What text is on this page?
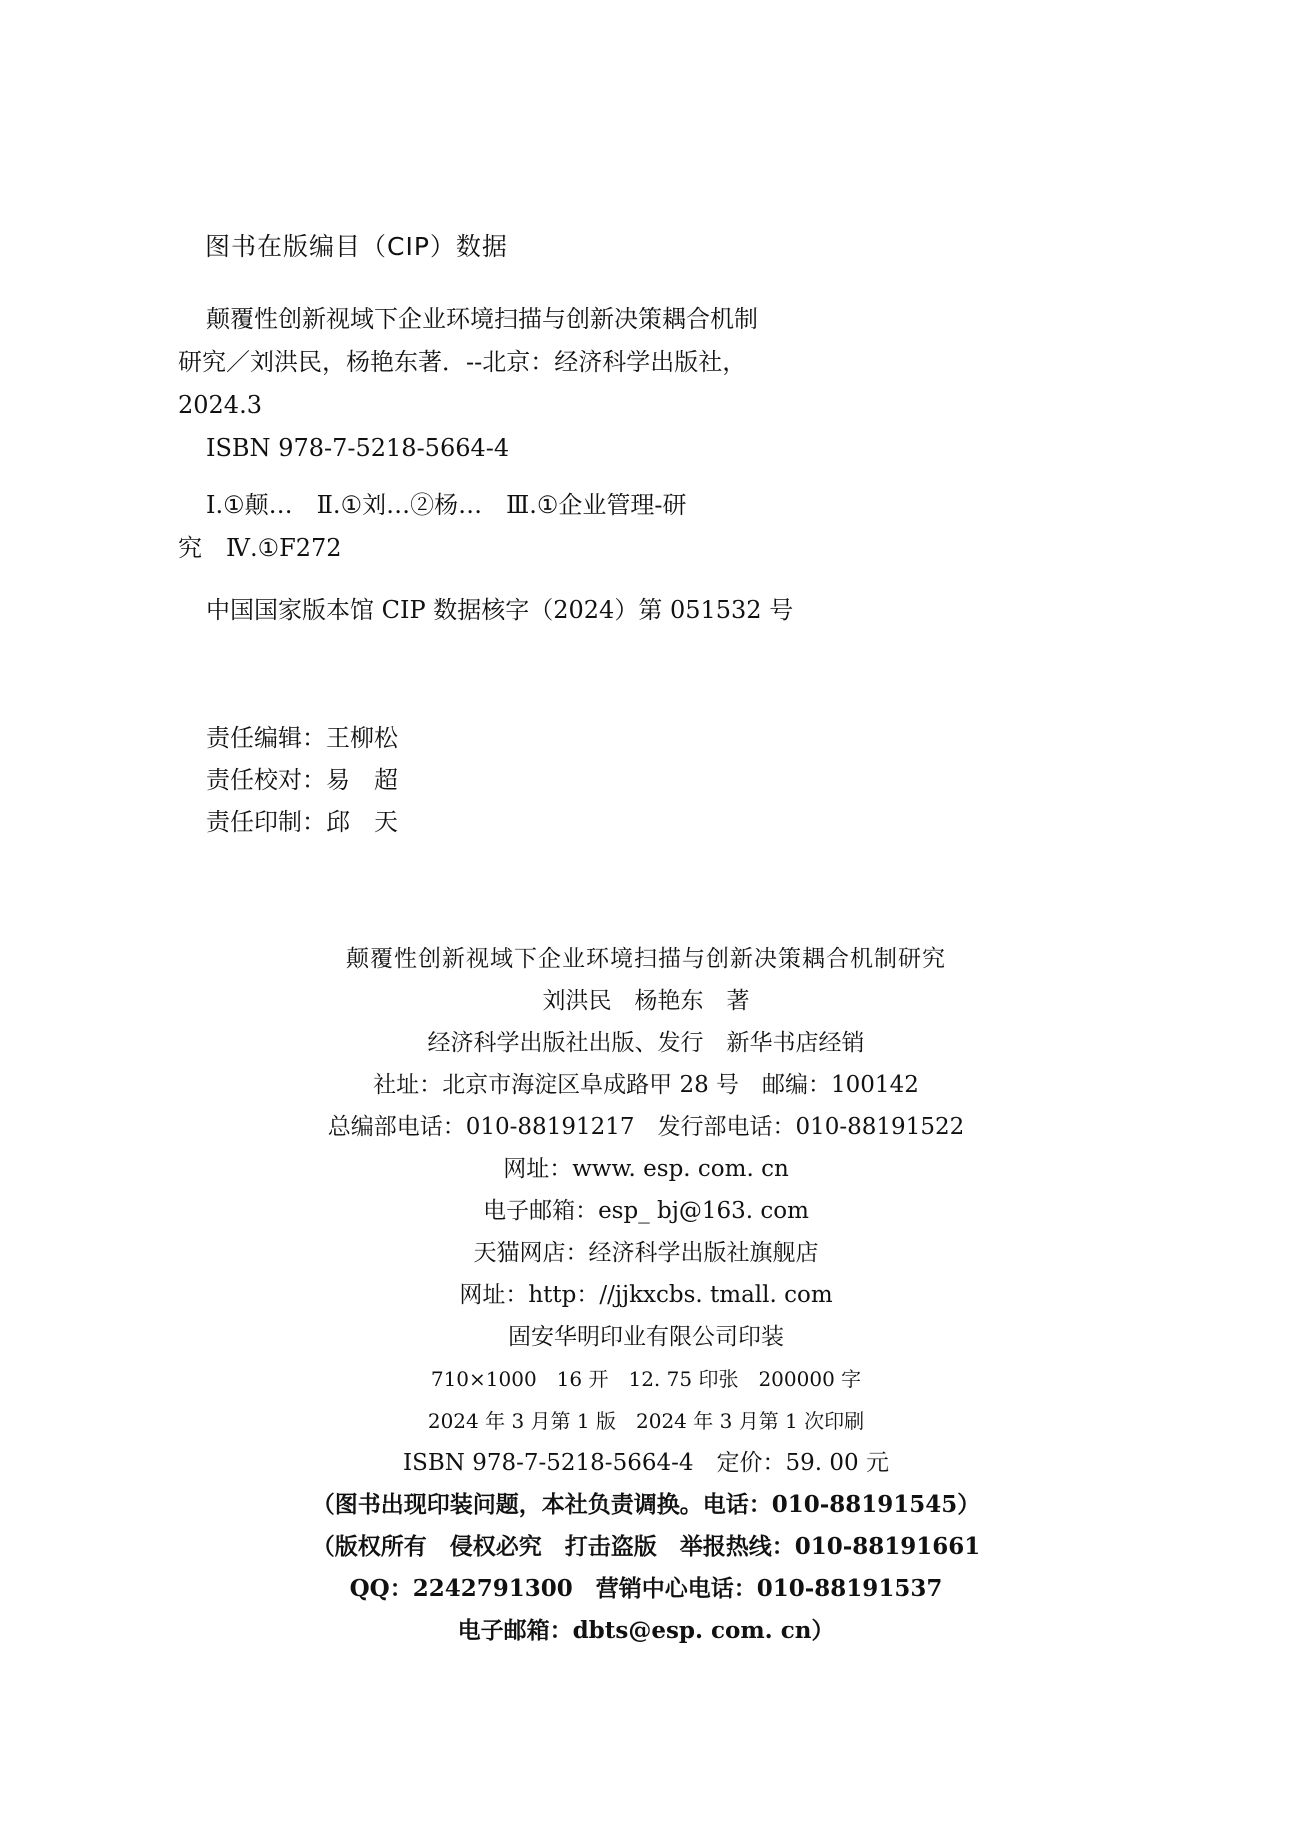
图书在版编目（CIP）数据
颠覆性创新视域下企业环境扫描与创新决策耦合机制
研究／刘洪民，杨艳东著．--北京：经济科学出版社，
2024.3
ISBN 978-7-5218-5664-4
Ⅰ.①颠…　Ⅱ.①刘…②杨…　Ⅲ.①企业管理-研
究　Ⅳ.①F272
中国国家版本馆 CIP 数据核字（2024）第 051532 号
责任编辑：王柳松
责任校对：易　超
责任印制：邱　天
颠覆性创新视域下企业环境扫描与创新决策耦合机制研究
刘洪民　杨艳东　著
经济科学出版社出版、发行　新华书店经销
社址：北京市海淀区阜成路甲 28 号　邮编：100142
总编部电话：010-88191217　发行部电话：010-88191522
网址：www. esp. com. cn
电子邮箱：esp_ bj@163. com
天猫网店：经济科学出版社旗舰店
网址：http：//jjkxcbs. tmall. com
固安华明印业有限公司印装
710×1000　16 开　12. 75 印张　200000 字
2024 年 3 月第 1 版　2024 年 3 月第 1 次印刷
ISBN 978-7-5218-5664-4　定价：59. 00 元
（图书出现印装问题，本社负责调换。电话：010-88191545）
（版权所有　侵权必究　打击盗版　举报热线：010-88191661
QQ：2242791300　营销中心电话：010-88191537
电子邮箱：dbts@esp. com. cn）
